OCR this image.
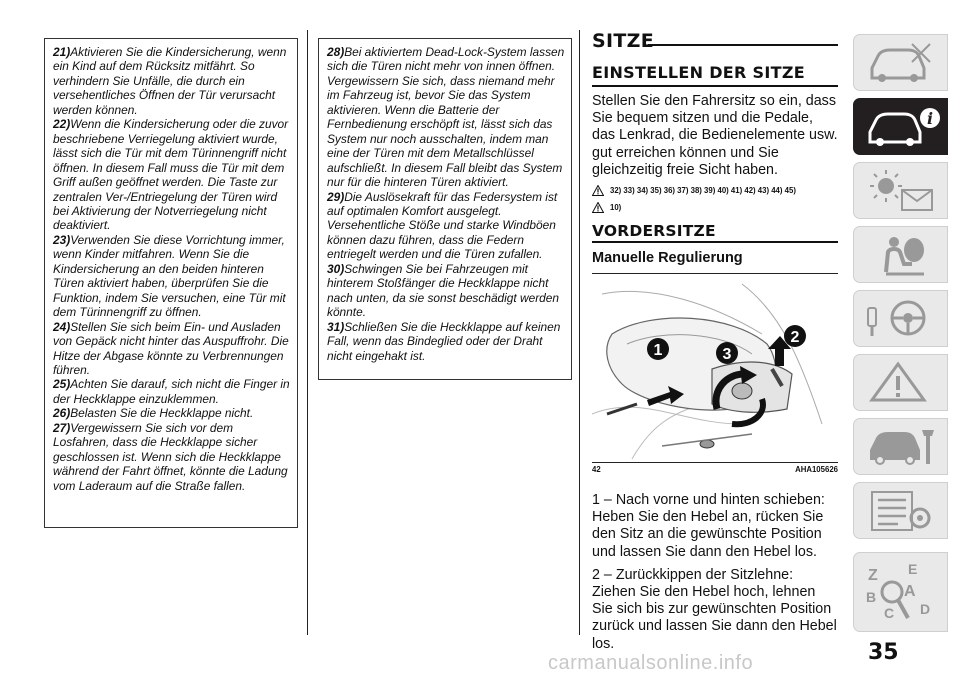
21)Aktivieren Sie die Kindersicherung, wenn ein Kind auf dem Rücksitz mitfährt. So verhindern Sie Unfälle, die durch ein versehentliches Öffnen der Tür verursacht werden können.
22)Wenn die Kindersicherung oder die zuvor beschriebene Verriegelung aktiviert wurde, lässt sich die Tür mit dem Türinnengriff nicht öffnen. In diesem Fall muss die Tür mit dem Griff außen geöffnet werden. Die Taste zur zentralen Ver-/Entriegelung der Türen wird bei Aktivierung der Notverriegelung nicht deaktiviert.
23)Verwenden Sie diese Vorrichtung immer, wenn Kinder mitfahren. Wenn Sie die Kindersicherung an den beiden hinteren Türen aktiviert haben, überprüfen Sie die Funktion, indem Sie versuchen, eine Tür mit dem Türinnengriff zu öffnen.
24)Stellen Sie sich beim Ein- und Ausladen von Gepäck nicht hinter das Auspuffrohr. Die Hitze der Abgase könnte zu Verbrennungen führen.
25)Achten Sie darauf, sich nicht die Finger in der Heckklappe einzuklemmen.
26)Belasten Sie die Heckklappe nicht.
27)Vergewissern Sie sich vor dem Losfahren, dass die Heckklappe sicher geschlossen ist. Wenn sich die Heckklappe während der Fahrt öffnet, könnte die Ladung vom Laderaum auf die Straße fallen.
28)Bei aktiviertem Dead-Lock-System lassen sich die Türen nicht mehr von innen öffnen. Vergewissern Sie sich, dass niemand mehr im Fahrzeug ist, bevor Sie das System aktivieren. Wenn die Batterie der Fernbedienung erschöpft ist, lässt sich das System nur noch ausschalten, indem man eine der Türen mit dem Metallschlüssel aufschließt. In diesem Fall bleibt das System nur für die hinteren Türen aktiviert.
29)Die Auslösekraft für das Federsystem ist auf optimalen Komfort ausgelegt. Versehentliche Stöße und starke Windböen können dazu führen, dass die Federn entriegelt werden und die Türen zufallen.
30)Schwingen Sie bei Fahrzeugen mit hinterem Stoßfänger die Heckklappe nicht nach unten, da sie sonst beschädigt werden könnte.
31)Schließen Sie die Heckklappe auf keinen Fall, wenn das Bindeglied oder der Draht nicht eingehakt ist.
SITZE
EINSTELLEN DER SITZE
Stellen Sie den Fahrersitz so ein, dass Sie bequem sitzen und die Pedale, das Lenkrad, die Bedienelemente usw. gut erreichen können und Sie gleichzeitig freie Sicht haben.
32) 33) 34) 35) 36) 37) 38) 39) 40) 41) 42) 43) 44) 45)
10)
VORDERSITZE
Manuelle Regulierung
1	3
2
42	AHA105626
1 – Nach vorne und hinten schieben: Heben Sie den Hebel an, rücken Sie den Sitz an die gewünschte Position und lassen Sie dann den Hebel los.
2 – Zurückkippen der Sitzlehne: Ziehen Sie den Hebel hoch, lehnen Sie sich bis zur gewünschten Position zurück und lassen Sie dann den Hebel los.
i
Z E
A
B
C D
35
carmanualsonline.info
